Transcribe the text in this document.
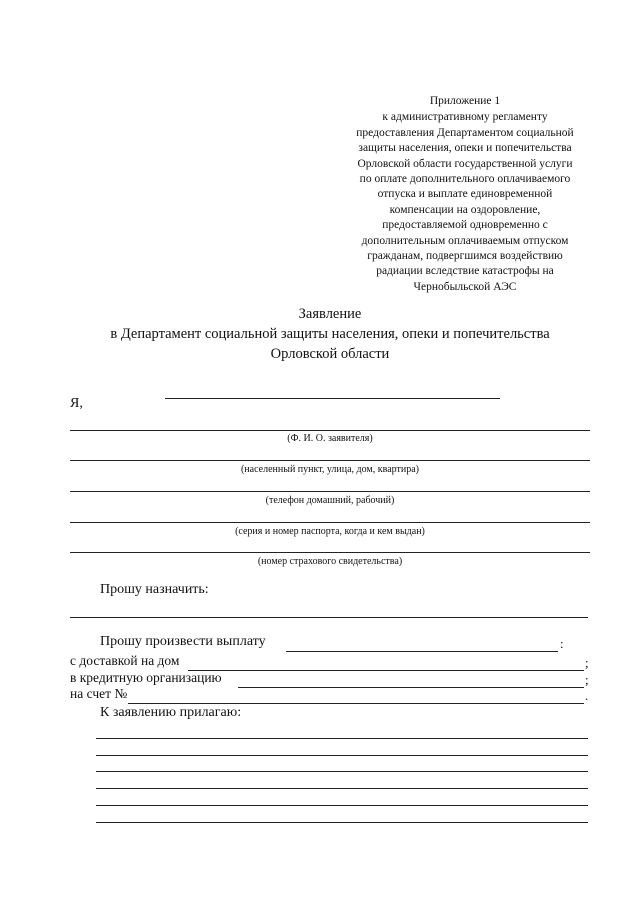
Приложение 1
к административному регламенту
предоставления Департаментом социальной
защиты населения, опеки и попечительства
Орловской области государственной услуги
по оплате дополнительного оплачиваемого
отпуска и выплате единовременной
компенсации на оздоровление,
предоставляемой одновременно с
дополнительным оплачиваемым отпуском
гражданам, подвергшимся воздействию
радиации вследствие катастрофы на
Чернобыльской АЭС
Заявление
в Департамент социальной защиты населения, опеки и попечительства
Орловской области
Я,
(Ф. И. О. заявителя)
(населенный пункт, улица, дом, квартира)
(телефон домашний, рабочий)
(серия и номер паспорта, когда и кем выдан)
(номер страхового свидетельства)
Прошу назначить:
Прошу произвести выплату	:
с доставкой на дом	;
в кредитную организацию	;
на счет №	.
К заявлению прилагаю:
